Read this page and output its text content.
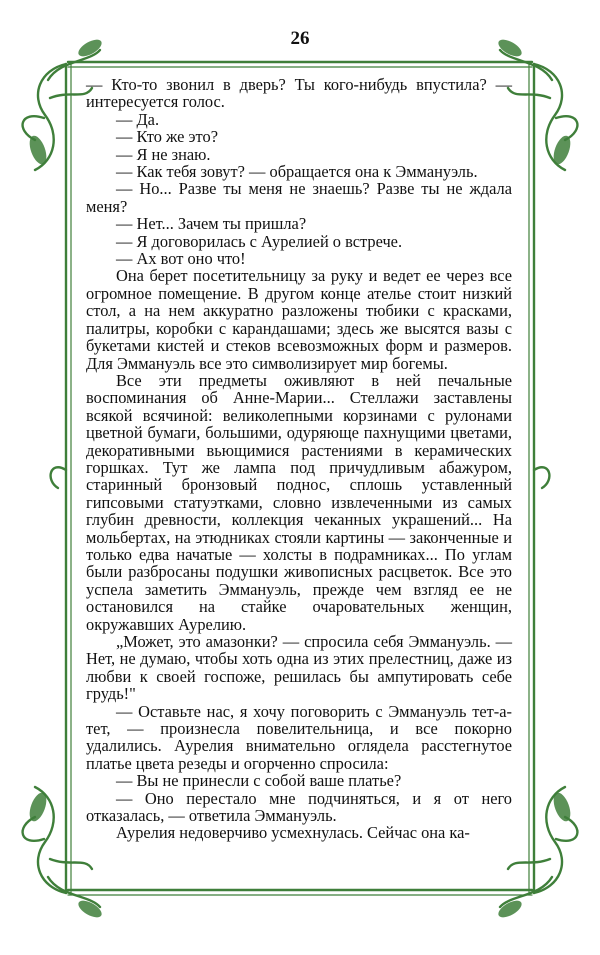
26

— Кто-то звонил в дверь? Ты кого-нибудь впустила? — интересуется голос.

— Да.

— Кто же это?

— Я не знаю.

— Как тебя зовут? — обращается она к Эммануэль.

— Но... Разве ты меня не знаешь? Разве ты не ждала меня?

— Нет... Зачем ты пришла?

— Я договорилась с Аурелией о встрече.

— Ах вот оно что!

Она берет посетительницу за руку и ведет ее через все огромное помещение. В другом конце ателье стоит низкий стол, а на нем аккуратно разложены тюбики с красками, палитры, коробки с карандашами; здесь же высятся вазы с букетами кистей и стеков всевозможных форм и размеров. Для Эммануэль все это символизирует мир богемы.

Все эти предметы оживляют в ней печальные воспоминания об Анне-Марии... Стеллажи заставлены всякой всячиной: великолепными корзинами с рулонами цветной бумаги, большими, одуряюще пахнущими цветами, декоративными вьющимися растениями в керамических горшках. Тут же лампа под причудливым абажуром, старинный бронзовый поднос, сплошь уставленный гипсовыми статуэтками, словно извлеченными из самых глубин древности, коллекция чеканных украшений... На мольбертах, на этюдниках стояли картины — законченные и только едва начатые — холсты в подрамниках... По углам были разбросаны подушки живописных расцветок. Все это успела заметить Эммануэль, прежде чем взгляд ее не остановился на стайке очаровательных женщин, окружавших Аурелию.

„Может, это амазонки? — спросила себя Эммануэль. — Нет, не думаю, чтобы хоть одна из этих прелестниц, даже из любви к своей госпоже, решилась бы ампутировать себе грудь!"

— Оставьте нас, я хочу поговорить с Эммануэль тет-а-тет, — произнесла повелительница, и все покорно удалились. Аурелия внимательно оглядела расстегнутое платье цвета резеды и огорченно спросила:

— Вы не принесли с собой ваше платье?

— Оно перестало мне подчиняться, и я от него отказалась, — ответила Эммануэль.

Аурелия недоверчиво усмехнулась. Сейчас она ка-
